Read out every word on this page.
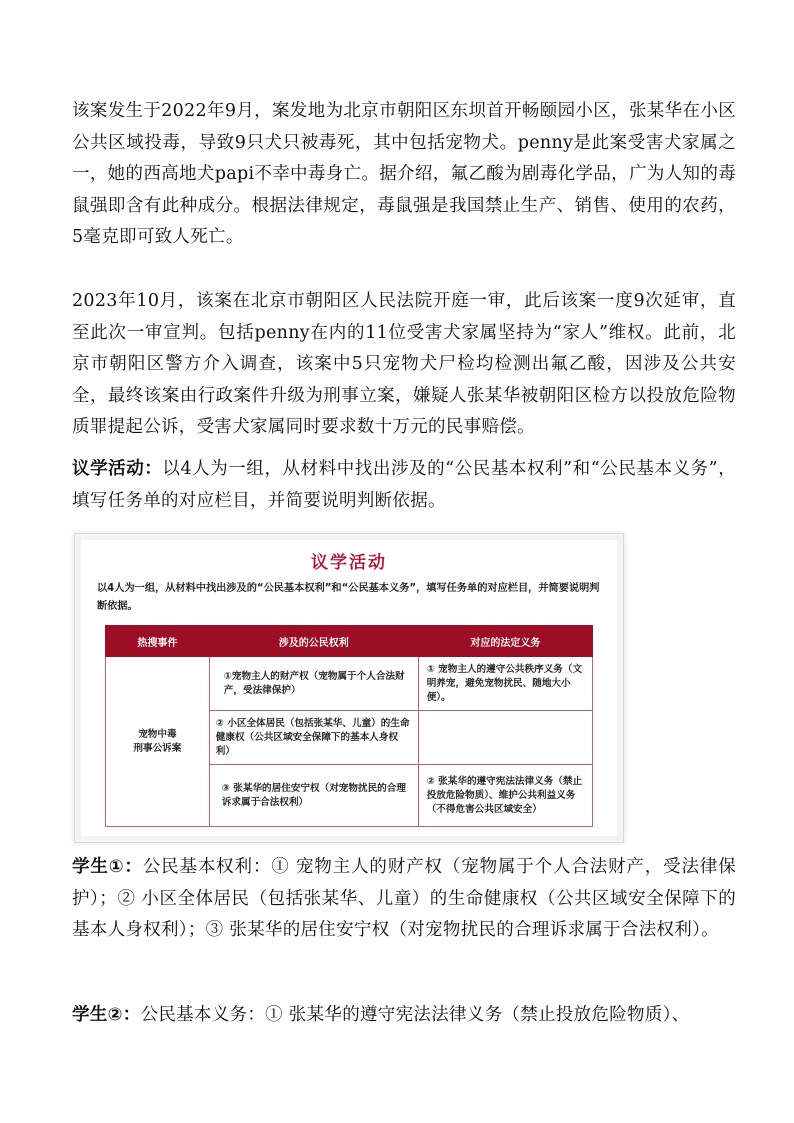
该案发生于2022年9月，案发地为北京市朝阳区东坝首开畅颐园小区，张某华在小区公共区域投毒，导致9只犬只被毒死，其中包括宠物犬。penny是此案受害犬家属之一，她的西高地犬papi不幸中毒身亡。据介绍，氟乙酸为剧毒化学品，广为人知的毒鼠强即含有此种成分。根据法律规定，毒鼠强是我国禁止生产、销售、使用的农药，5毫克即可致人死亡。
2023年10月，该案在北京市朝阳区人民法院开庭一审，此后该案一度9次延审，直至此次一审宣判。包括penny在内的11位受害犬家属坚持为“家人”维权。此前，北京市朝阳区警方介入调查，该案中5只宠物犬尸检均检测出氟乙酸，因涉及公共安全，最终该案由行政案件升级为刑事立案，嫌疑人张某华被朝阳区检方以投放危险物质罪提起公诉，受害犬家属同时要求数十万元的民事赔偿。
议学活动：以4人为一组，从材料中找出涉及的“公民基本权利”和“公民基本义务”，填写任务单的对应栏目，并简要说明判断依据。
议学活动
以4人为一组，从材料中找出涉及的“公民基本权利”和“公民基本义务”，填写任务单的对应栏目，并简要说明判断依据。
热搜事件	涉及的公民权利	对应的法定义务
宠物中毒
刑事公诉案	①宠物主人的财产权（宠物属于个人合法财产，受法律保护）	① 宠物主人的遵守公共秩序义务（文明养宠，避免宠物扰民、随地大小便）。
	② 小区全体居民（包括张某华、儿童）的生命健康权（公共区域安全保障下的基本人身权利）	
	③ 张某华的居住安宁权（对宠物扰民的合理诉求属于合法权利）	② 张某华的遵守宪法法律义务（禁止投放危险物质）、维护公共利益义务（不得危害公共区域安全）
学生①：公民基本权利：① 宠物主人的财产权（宠物属于个人合法财产，受法律保护）；② 小区全体居民（包括张某华、儿童）的生命健康权（公共区域安全保障下的基本人身权利）；③ 张某华的居住安宁权（对宠物扰民的合理诉求属于合法权利）。
学生②：公民基本义务：① 张某华的遵守宪法法律义务（禁止投放危险物质）、
